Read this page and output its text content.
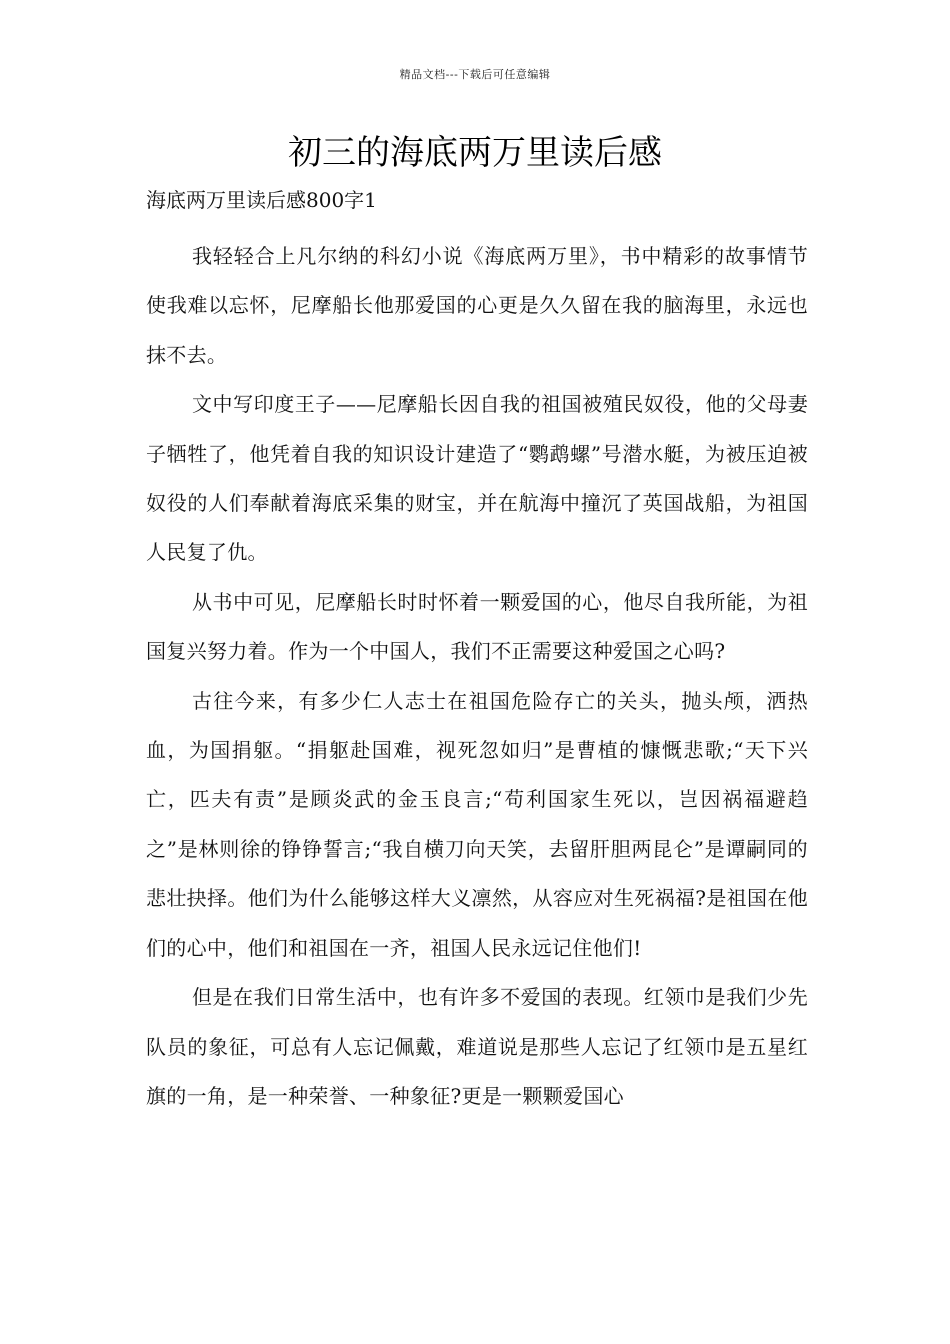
精品文档---下载后可任意编辑
初三的海底两万里读后感

海底两万里读后感800字1

我轻轻合上凡尔纳的科幻小说《海底两万里》，书中精彩的故事情节使我难以忘怀，尼摩船长他那爱国的心更是久久留在我的脑海里，永远也抹不去。

文中写印度王子——尼摩船长因自我的祖国被殖民奴役，他的父母妻子牺牲了，他凭着自我的知识设计建造了“鹦鹉螺”号潜水艇，为被压迫被奴役的人们奉献着海底采集的财宝，并在航海中撞沉了英国战船，为祖国人民复了仇。

从书中可见，尼摩船长时时怀着一颗爱国的心，他尽自我所能，为祖国复兴努力着。作为一个中国人，我们不正需要这种爱国之心吗?

古往今来，有多少仁人志士在祖国危险存亡的关头，抛头颅，洒热血，为国捐躯。“捐躯赴国难，视死忽如归”是曹植的慷慨悲歌;“天下兴亡，匹夫有责”是顾炎武的金玉良言;“苟利国家生死以，岂因祸福避趋之”是林则徐的铮铮誓言;“我自横刀向天笑，去留肝胆两昆仑”是谭嗣同的悲壮抉择。他们为什么能够这样大义凛然，从容应对生死祸福?是祖国在他们的心中，他们和祖国在一齐，祖国人民永远记住他们!

但是在我们日常生活中，也有许多不爱国的表现。红领巾是我们少先队员的象征，可总有人忘记佩戴，难道说是那些人忘记了红领巾是五星红旗的一角，是一种荣誉、一种象征?更是一颗颗爱国心
